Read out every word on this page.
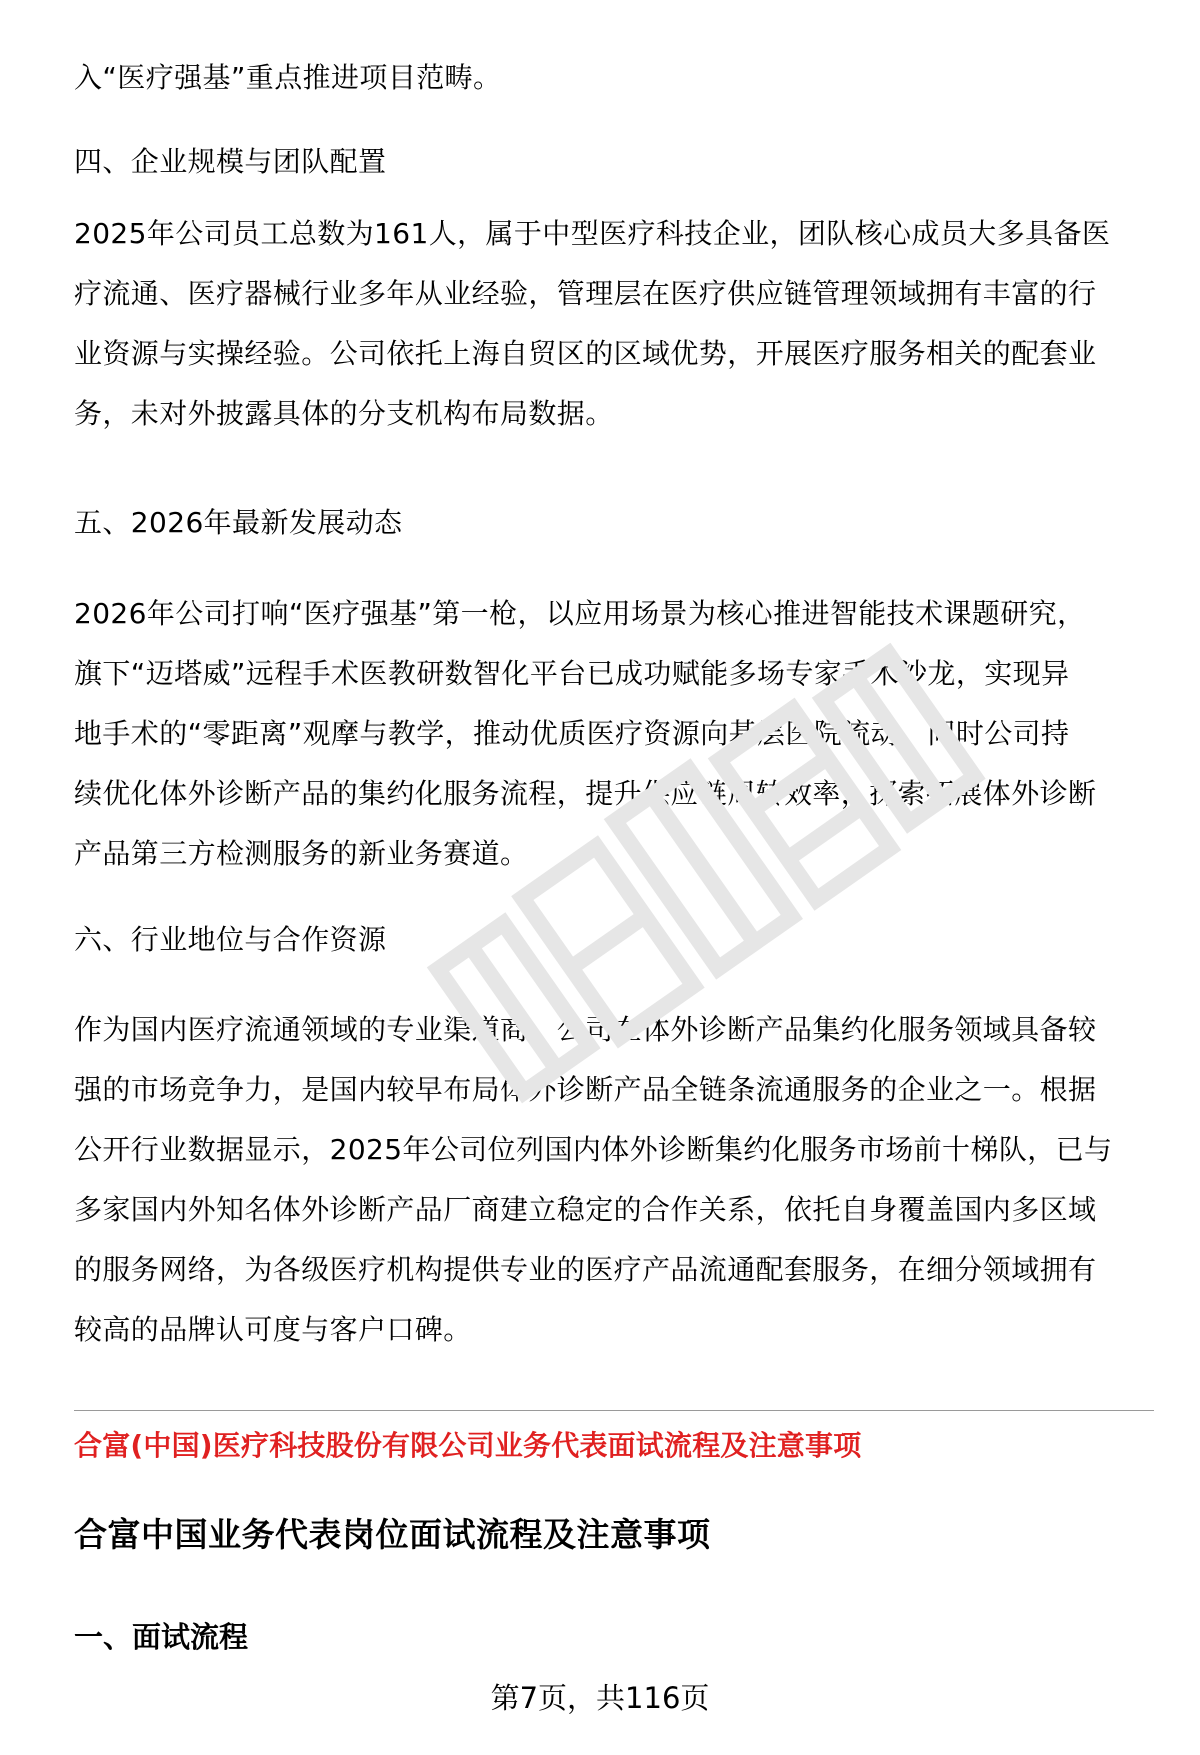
入“医疗强基”重点推进项目范畴。

四、企业规模与团队配置

2025年公司员工总数为161人，属于中型医疗科技企业，团队核心成员大多具备医
疗流通、医疗器械行业多年从业经验，管理层在医疗供应链管理领域拥有丰富的行
业资源与实操经验。公司依托上海自贸区的区域优势，开展医疗服务相关的配套业
务，未对外披露具体的分支机构布局数据。

五、2026年最新发展动态

2026年公司打响“医疗强基”第一枪，以应用场景为核心推进智能技术课题研究，
旗下“迈塔威”远程手术医教研数智化平台已成功赋能多场专家手术沙龙，实现异
地手术的“零距离”观摩与教学，推动优质医疗资源向基层医院流动。同时公司持
续优化体外诊断产品的集约化服务流程，提升供应链周转效率，探索拓展体外诊断
产品第三方检测服务的新业务赛道。

六、行业地位与合作资源

作为国内医疗流通领域的专业渠道商，公司在体外诊断产品集约化服务领域具备较
强的市场竞争力，是国内较早布局体外诊断产品全链条流通服务的企业之一。根据
公开行业数据显示，2025年公司位列国内体外诊断集约化服务市场前十梯队，已与
多家国内外知名体外诊断产品厂商建立稳定的合作关系，依托自身覆盖国内多区域
的服务网络，为各级医疗机构提供专业的医疗产品流通配套服务，在细分领域拥有
较高的品牌认可度与客户口碑。

合富(中国)医疗科技股份有限公司业务代表面试流程及注意事项

合富中国业务代表岗位面试流程及注意事项

一、面试流程

第7页，共116页
